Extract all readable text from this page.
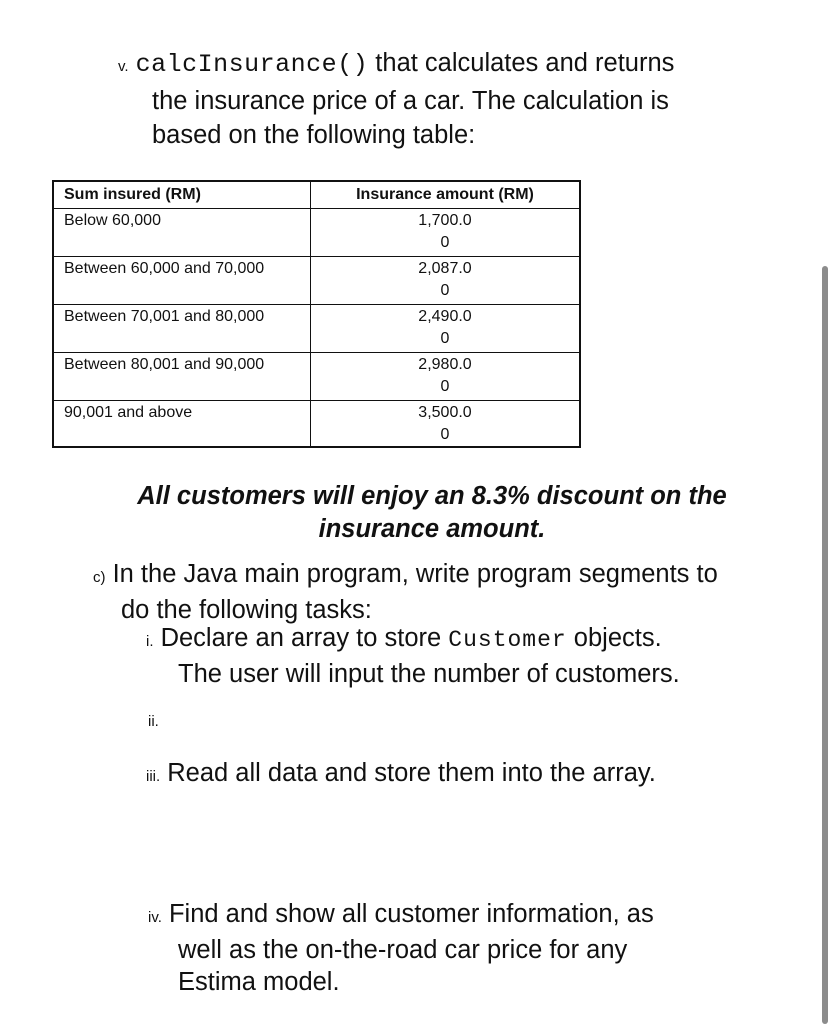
v. calcInsurance() that calculates and returns
the insurance price of a car. The calculation is
based on the following table:
Sum insured (RM)	Insurance amount (RM)
Below 60,000	1,700.0
0

Between 60,000 and 70,000	2,087.0
0

Between 70,001 and 80,000	2,490.0
0

Between 80,001 and 90,000	2,980.0
0

90,001 and above	3,500.0
0
All customers will enjoy an 8.3% discount on the
insurance amount.
c) In the Java main program, write program segments to
do the following tasks:
i. Declare an array to store Customer objects.
The user will input the number of customers.
ii.
iii. Read all data and store them into the array.
iv. Find and show all customer information, as
well as the on-the-road car price for any
Estima model.
